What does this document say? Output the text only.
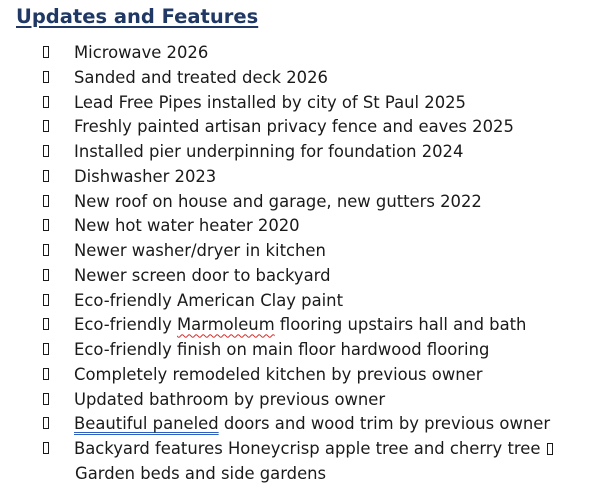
Updates and Features
Microwave 2026
Sanded and treated deck 2026
Lead Free Pipes installed by city of St Paul 2025
Freshly painted artisan privacy fence and eaves 2025
Installed pier underpinning for foundation 2024
Dishwasher 2023
New roof on house and garage, new gutters 2022
New hot water heater 2020
Newer washer/dryer in kitchen
Newer screen door to backyard
Eco-friendly American Clay paint
Eco-friendly Marmoleum flooring upstairs hall and bath
Eco-friendly finish on main floor hardwood flooring
Completely remodeled kitchen by previous owner
Updated bathroom by previous owner
Beautiful paneled doors and wood trim by previous owner
Backyard features Honeycrisp apple tree and cherry tree
Garden beds and side gardens
